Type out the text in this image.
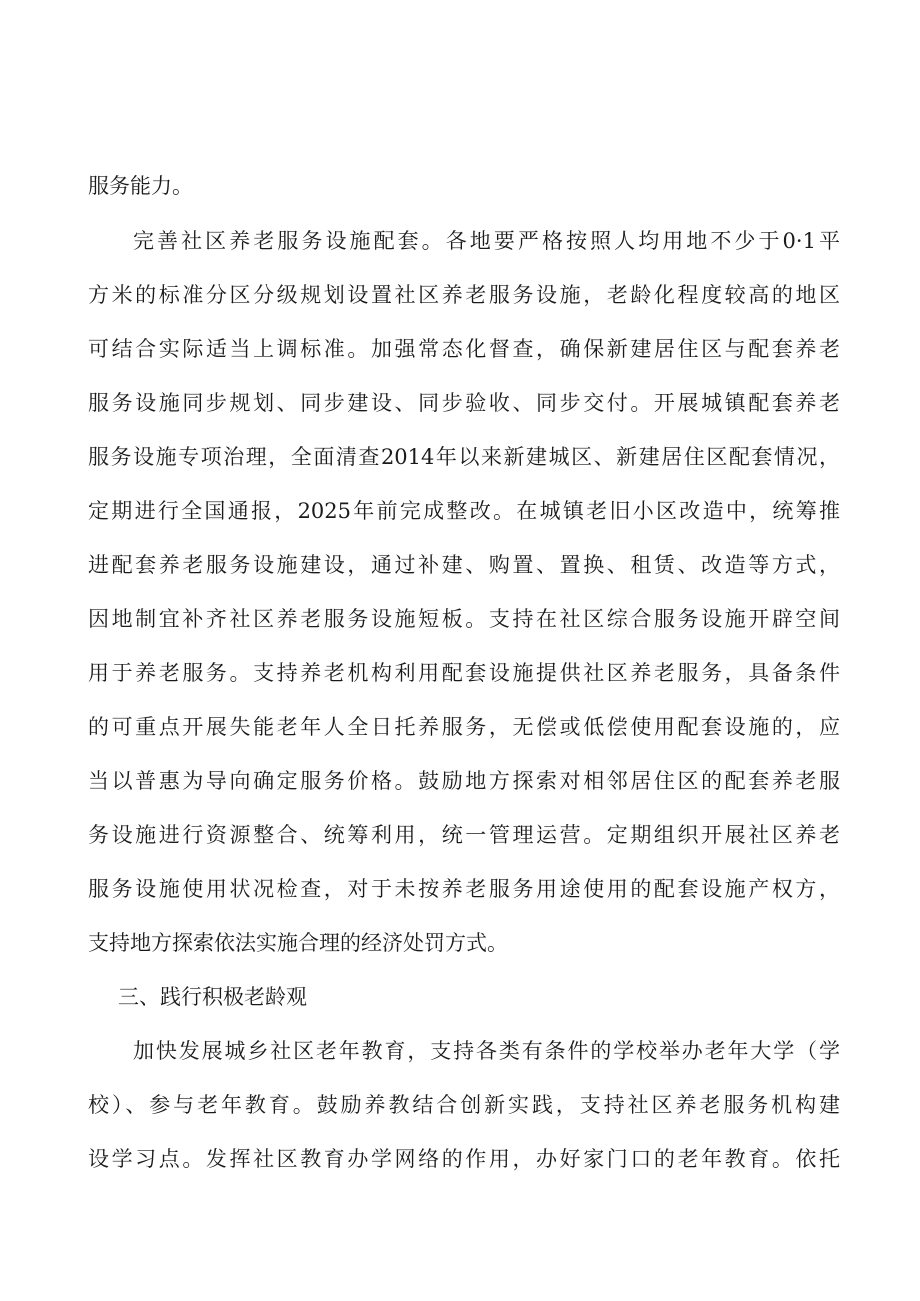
服务能力。

完善社区养老服务设施配套。各地要严格按照人均用地不少于0·1平

方米的标准分区分级规划设置社区养老服务设施，老龄化程度较高的地区

可结合实际适当上调标准。加强常态化督查，确保新建居住区与配套养老

服务设施同步规划、同步建设、同步验收、同步交付。开展城镇配套养老

服务设施专项治理，全面清查2014年以来新建城区、新建居住区配套情况，

定期进行全国通报，2025年前完成整改。在城镇老旧小区改造中，统筹推

进配套养老服务设施建设，通过补建、购置、置换、租赁、改造等方式，

因地制宜补齐社区养老服务设施短板。支持在社区综合服务设施开辟空间

用于养老服务。支持养老机构利用配套设施提供社区养老服务，具备条件

的可重点开展失能老年人全日托养服务，无偿或低偿使用配套设施的，应

当以普惠为导向确定服务价格。鼓励地方探索对相邻居住区的配套养老服

务设施进行资源整合、统筹利用，统一管理运营。定期组织开展社区养老

服务设施使用状况检查，对于未按养老服务用途使用的配套设施产权方，

支持地方探索依法实施合理的经济处罚方式。

三、践行积极老龄观

加快发展城乡社区老年教育，支持各类有条件的学校举办老年大学（学

校）、参与老年教育。鼓励养教结合创新实践，支持社区养老服务机构建

设学习点。发挥社区教育办学网络的作用，办好家门口的老年教育。依托
